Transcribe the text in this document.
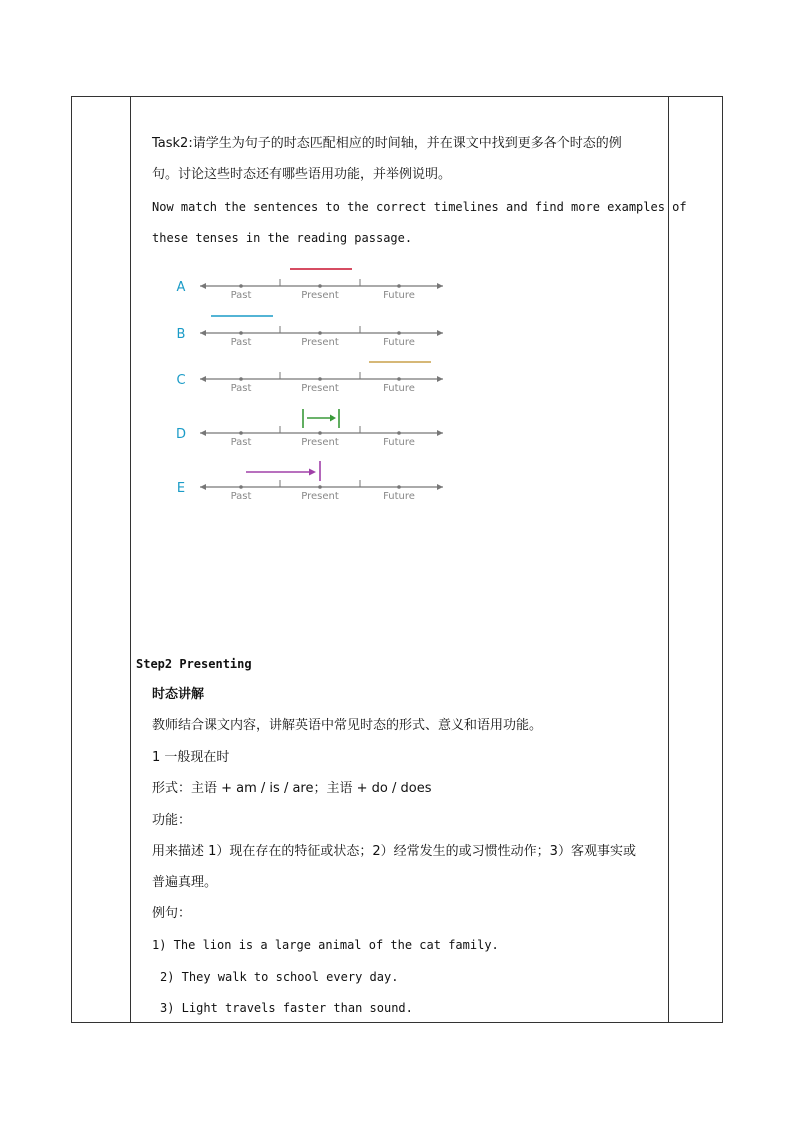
Task2:请学生为句子的时态匹配相应的时间轴，并在课文中找到更多各个时态的例
句。讨论这些时态还有哪些语用功能，并举例说明。
Now match the sentences to the correct timelines and find more examples of
these tenses in the reading passage.
A
Past	Present	Future
B
Past	Present	Future
C
Past	Present	Future
D
Past	Present	Future
E
Past	Present	Future
Step2 Presenting
时态讲解
教师结合课文内容，讲解英语中常见时态的形式、意义和语用功能。
1 一般现在时
形式：主语 + am / is / are；主语 + do / does
功能：
用来描述 1）现在存在的特征或状态；2）经常发生的或习惯性动作；3）客观事实或
普遍真理。
例句：
1) The lion is a large animal of the cat family.
2) They walk to school every day.
3) Light travels faster than sound.
